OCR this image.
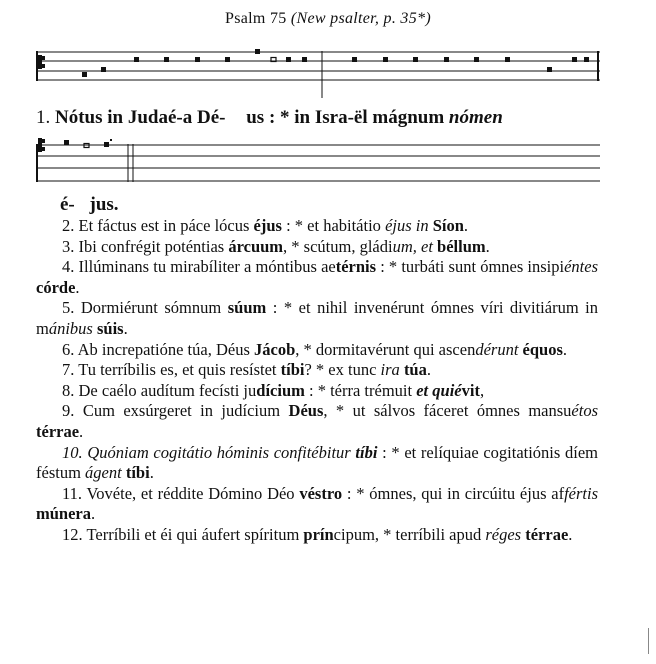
Psalm 75 (New psalter, p. 35*)
1. Nótus in Judaé-a Dé- us : * in Isra-ël mágnum nómen
é- jus.

2. Et fáctus est in páce lócus éjus : * et habitátio éjus in Síon.

3. Ibi confrégit poténtias árcuum, * scútum, gládium, et béllum.

4. Illúminans tu mirabíliter a móntibus aetérnis : * turbáti sunt ómnes insipiéntes córde.

5. Dormiérunt sómnum súum : * et nihil invenérunt ómnes víri divitiárum in mánibus súis.

6. Ab increpatióne túa, Déus Jácob, * dormitavérunt qui ascendérunt équos.

7. Tu terríbilis es, et quis resístet tíbi? * ex tunc ira túa.

8. De caélo audítum fecísti judícium : * térra trémuit et quiévit,

9. Cum exsúrgeret in judícium Déus, * ut sálvos fáceret ómnes mansuétos térrae.

10. Quóniam cogitátio hóminis confitébitur tíbi : * et relíquiae cogitatiónis díem féstum ágent tíbi.

11. Vovéte, et réddite Dómino Déo véstro : * ómnes, qui in circúitu éjus affértis múnera.

12. Terríbili et éi qui áufert spíritum príncipum, * terríbili apud réges térrae.
